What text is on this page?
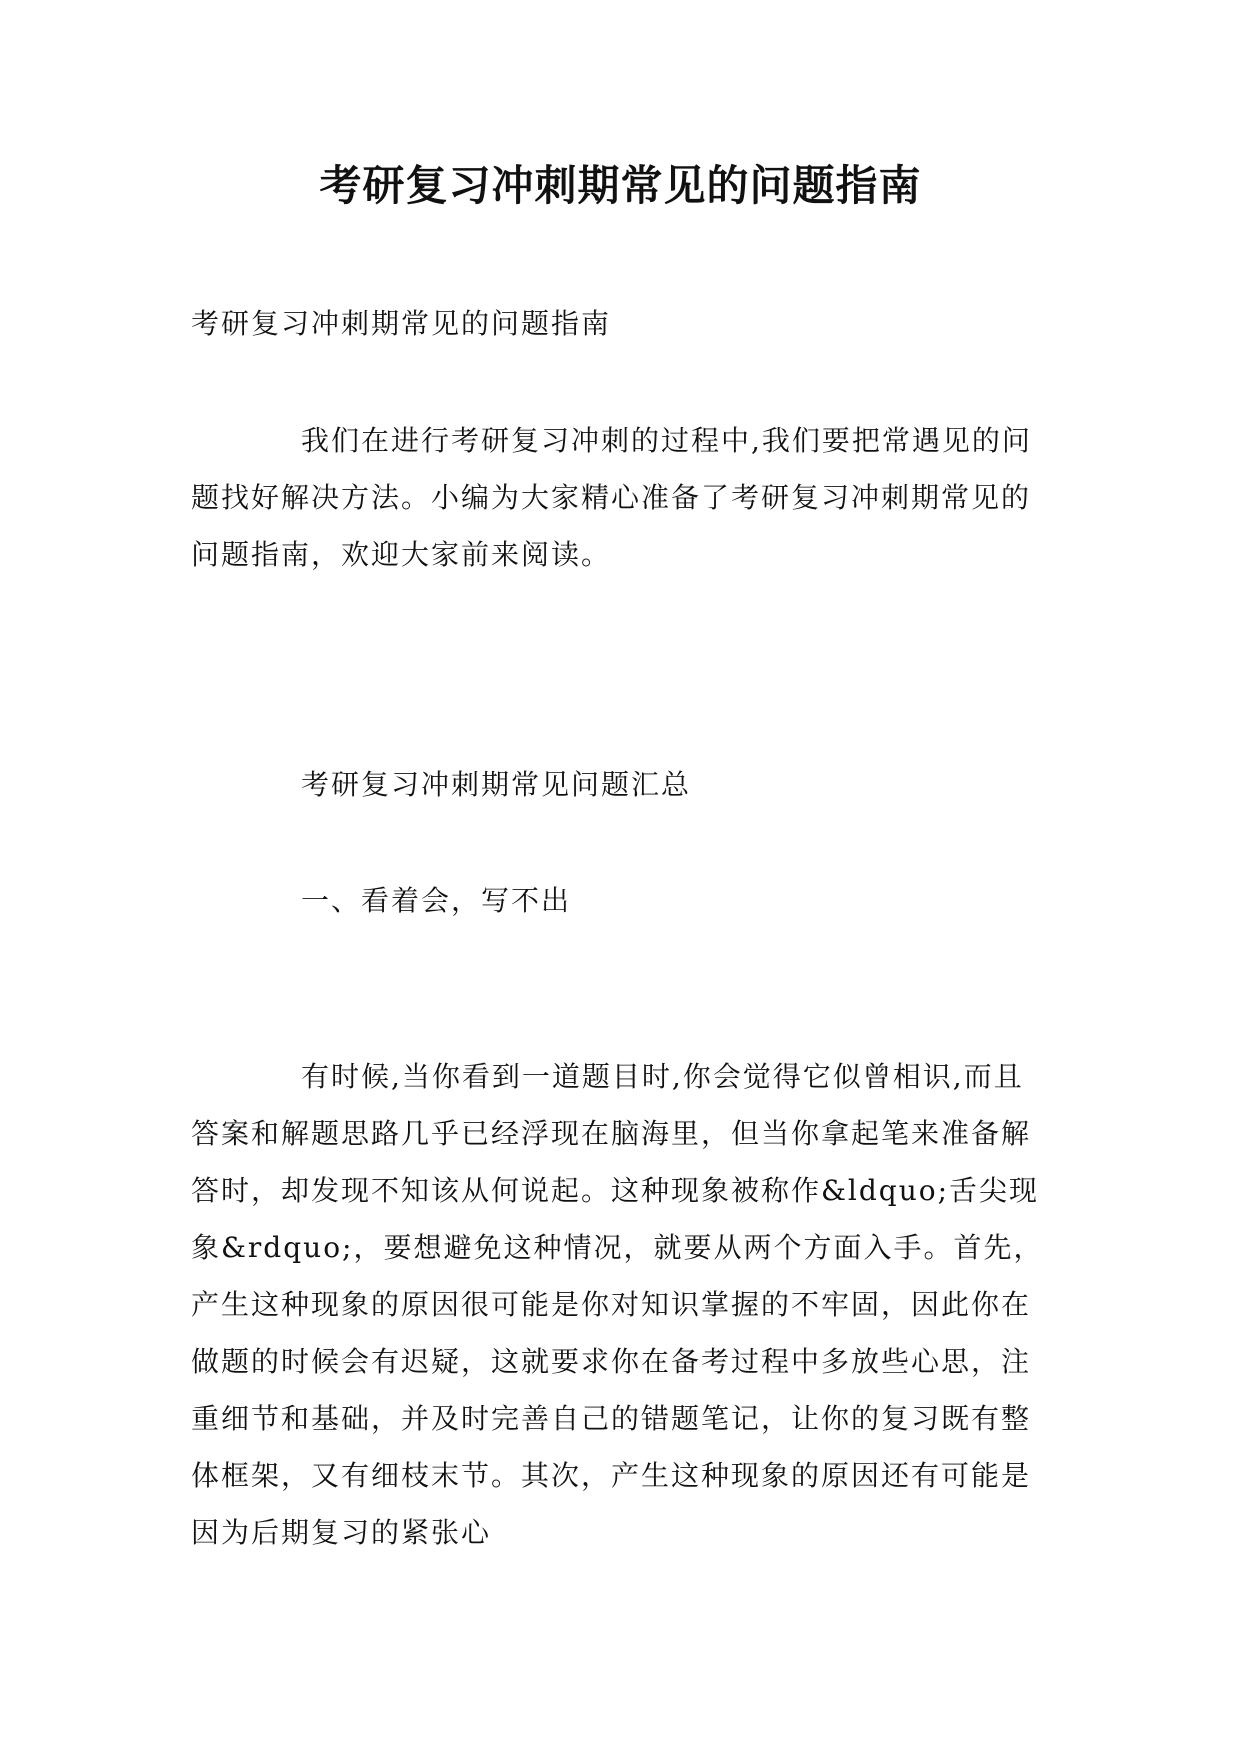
考研复习冲刺期常见的问题指南

考研复习冲刺期常见的问题指南

我们在进行考研复习冲刺的过程中,我们要把常遇见的问题找好解决方法。小编为大家精心准备了考研复习冲刺期常见的问题指南，欢迎大家前来阅读。

考研复习冲刺期常见问题汇总

一、看着会，写不出

有时候,当你看到一道题目时,你会觉得它似曾相识,而且答案和解题思路几乎已经浮现在脑海里，但当你拿起笔来准备解答时，却发现不知该从何说起。这种现象被称作&ldquo;舌尖现象&rdquo;，要想避免这种情况，就要从两个方面入手。首先，产生这种现象的原因很可能是你对知识掌握的不牢固，因此你在做题的时候会有迟疑，这就要求你在备考过程中多放些心思，注重细节和基础，并及时完善自己的错题笔记，让你的复习既有整体框架，又有细枝末节。其次，产生这种现象的原因还有可能是因为后期复习的紧张心
